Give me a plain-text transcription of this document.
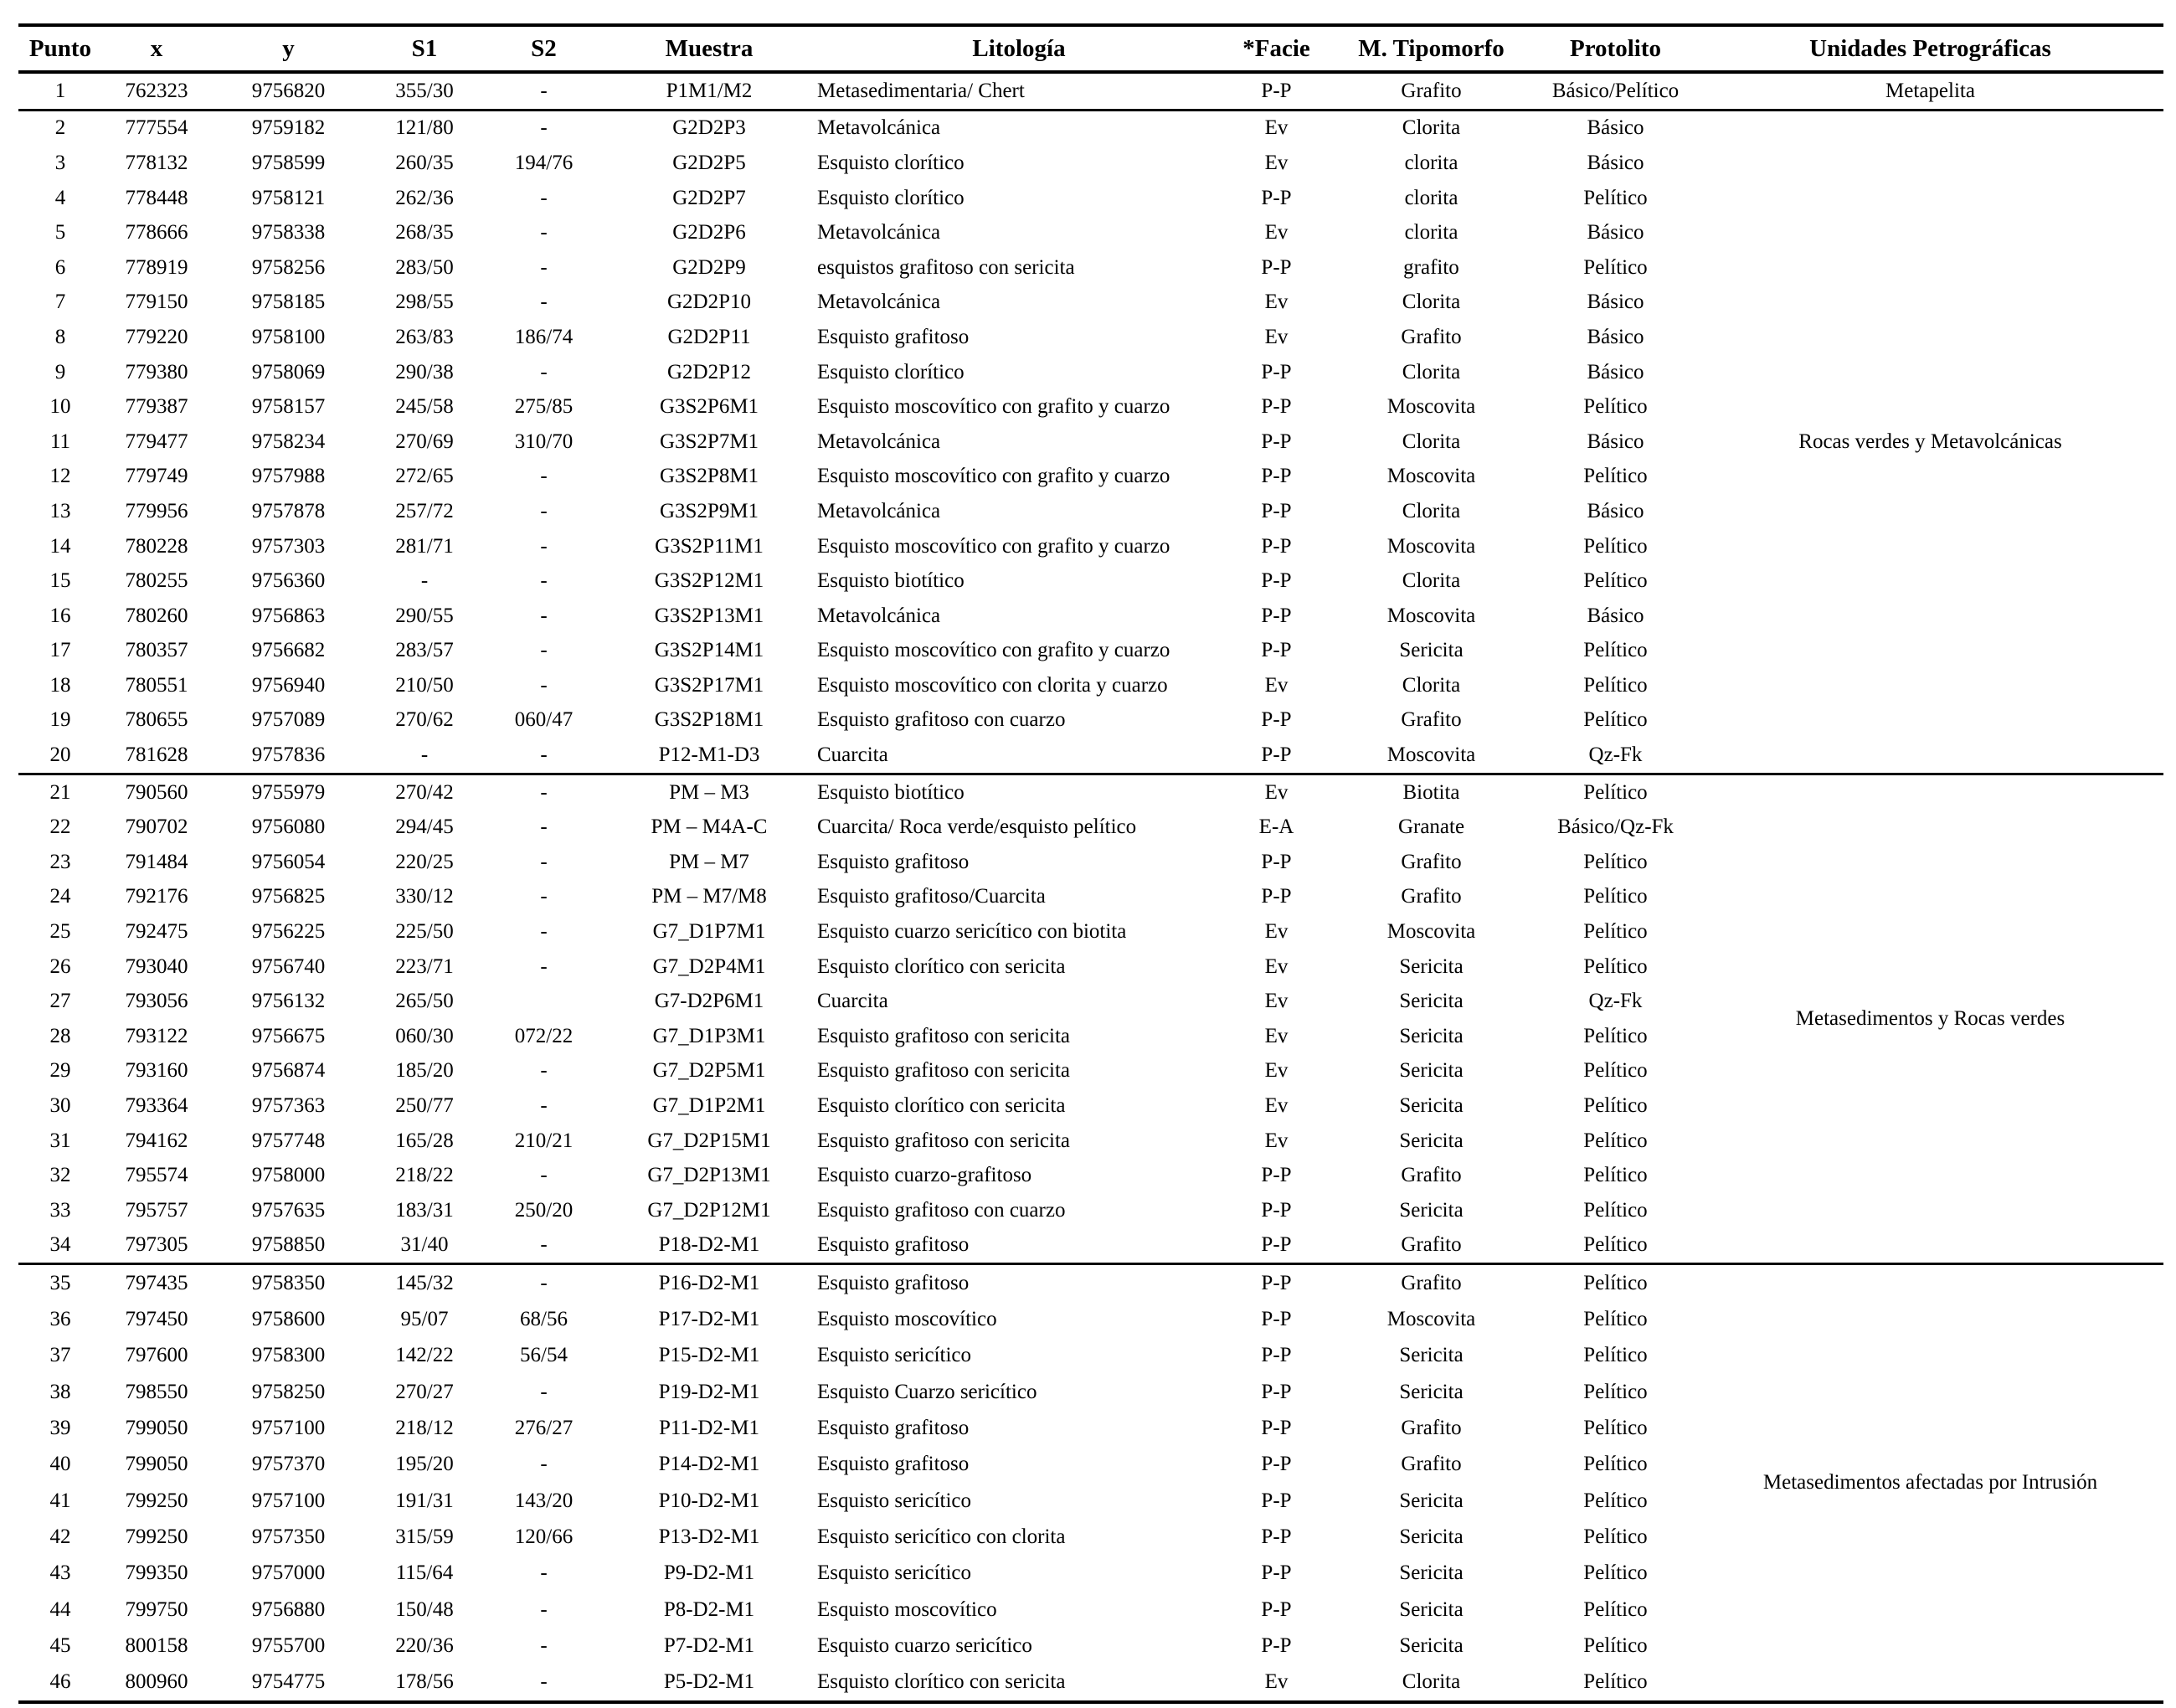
Punto	x	y	S1	S2	Muestra	Litología	*Facie	M. Tipomorfo	Protolito	Unidades Petrográficas
1	762323	9756820	355/30	-	P1M1/M2	Metasedimentaria/ Chert	P-P	Grafito	Básico/Pelítico	Metapelita
2	777554	9759182	121/80	-	G2D2P3	Metavolcánica	Ev	Clorita	Básico	Rocas verdes y Metavolcánicas
3	778132	9758599	260/35	194/76	G2D2P5	Esquisto clorítico	Ev	clorita	Básico	
4	778448	9758121	262/36	-	G2D2P7	Esquisto clorítico	P-P	clorita	Pelítico	
5	778666	9758338	268/35	-	G2D2P6	Metavolcánica	Ev	clorita	Básico	
6	778919	9758256	283/50	-	G2D2P9	esquistos grafitoso con sericita	P-P	grafito	Pelítico	
7	779150	9758185	298/55	-	G2D2P10	Metavolcánica	Ev	Clorita	Básico	
8	779220	9758100	263/83	186/74	G2D2P11	Esquisto grafitoso	Ev	Grafito	Básico	
9	779380	9758069	290/38	-	G2D2P12	Esquisto clorítico	P-P	Clorita	Básico	
10	779387	9758157	245/58	275/85	G3S2P6M1	Esquisto moscovítico con grafito y cuarzo	P-P	Moscovita	Pelítico	
11	779477	9758234	270/69	310/70	G3S2P7M1	Metavolcánica	P-P	Clorita	Básico	
12	779749	9757988	272/65	-	G3S2P8M1	Esquisto moscovítico con grafito y cuarzo	P-P	Moscovita	Pelítico	
13	779956	9757878	257/72	-	G3S2P9M1	Metavolcánica	P-P	Clorita	Básico	
14	780228	9757303	281/71	-	G3S2P11M1	Esquisto moscovítico con grafito y cuarzo	P-P	Moscovita	Pelítico	
15	780255	9756360	-	-	G3S2P12M1	Esquisto biotítico	P-P	Clorita	Pelítico	
16	780260	9756863	290/55	-	G3S2P13M1	Metavolcánica	P-P	Moscovita	Básico	
17	780357	9756682	283/57	-	G3S2P14M1	Esquisto moscovítico con grafito y cuarzo	P-P	Sericita	Pelítico	
18	780551	9756940	210/50	-	G3S2P17M1	Esquisto moscovítico con clorita y cuarzo	Ev	Clorita	Pelítico	
19	780655	9757089	270/62	060/47	G3S2P18M1	Esquisto grafitoso con cuarzo	P-P	Grafito	Pelítico	
20	781628	9757836	-	-	P12-M1-D3	Cuarcita	P-P	Moscovita	Qz-Fk	
21	790560	9755979	270/42	-	PM – M3	Esquisto biotítico	Ev	Biotita	Pelítico	Metasedimentos y Rocas verdes
22	790702	9756080	294/45	-	PM – M4A-C	Cuarcita/ Roca verde/esquisto pelítico	E-A	Granate	Básico/Qz-Fk	
23	791484	9756054	220/25	-	PM – M7	Esquisto grafitoso	P-P	Grafito	Pelítico	
24	792176	9756825	330/12	-	PM – M7/M8	Esquisto grafitoso/Cuarcita	P-P	Grafito	Pelítico	
25	792475	9756225	225/50	-	G7_D1P7M1	Esquisto cuarzo sericítico con biotita	Ev	Moscovita	Pelítico	
26	793040	9756740	223/71	-	G7_D2P4M1	Esquisto clorítico con sericita	Ev	Sericita	Pelítico	
27	793056	9756132	265/50		G7-D2P6M1	Cuarcita	Ev	Sericita	Qz-Fk	
28	793122	9756675	060/30	072/22	G7_D1P3M1	Esquisto grafitoso con sericita	Ev	Sericita	Pelítico	
29	793160	9756874	185/20	-	G7_D2P5M1	Esquisto grafitoso con sericita	Ev	Sericita	Pelítico	
30	793364	9757363	250/77	-	G7_D1P2M1	Esquisto clorítico con sericita	Ev	Sericita	Pelítico	
31	794162	9757748	165/28	210/21	G7_D2P15M1	Esquisto grafitoso con sericita	Ev	Sericita	Pelítico	
32	795574	9758000	218/22	-	G7_D2P13M1	Esquisto cuarzo-grafitoso	P-P	Grafito	Pelítico	
33	795757	9757635	183/31	250/20	G7_D2P12M1	Esquisto grafitoso con cuarzo	P-P	Sericita	Pelítico	
34	797305	9758850	31/40	-	P18-D2-M1	Esquisto grafitoso	P-P	Grafito	Pelítico	
35	797435	9758350	145/32	-	P16-D2-M1	Esquisto grafitoso	P-P	Grafito	Pelítico	Metasedimentos afectadas por Intrusión
36	797450	9758600	95/07	68/56	P17-D2-M1	Esquisto moscovítico	P-P	Moscovita	Pelítico	
37	797600	9758300	142/22	56/54	P15-D2-M1	Esquisto sericítico	P-P	Sericita	Pelítico	
38	798550	9758250	270/27	-	P19-D2-M1	Esquisto Cuarzo sericítico	P-P	Sericita	Pelítico	
39	799050	9757100	218/12	276/27	P11-D2-M1	Esquisto grafitoso	P-P	Grafito	Pelítico	
40	799050	9757370	195/20	-	P14-D2-M1	Esquisto grafitoso	P-P	Grafito	Pelítico	
41	799250	9757100	191/31	143/20	P10-D2-M1	Esquisto sericítico	P-P	Sericita	Pelítico	
42	799250	9757350	315/59	120/66	P13-D2-M1	Esquisto sericítico con clorita	P-P	Sericita	Pelítico	
43	799350	9757000	115/64	-	P9-D2-M1	Esquisto sericítico	P-P	Sericita	Pelítico	
44	799750	9756880	150/48	-	P8-D2-M1	Esquisto moscovítico	P-P	Sericita	Pelítico	
45	800158	9755700	220/36	-	P7-D2-M1	Esquisto cuarzo sericítico	P-P	Sericita	Pelítico	
46	800960	9754775	178/56	-	P5-D2-M1	Esquisto clorítico con sericita	Ev	Clorita	Pelítico	
